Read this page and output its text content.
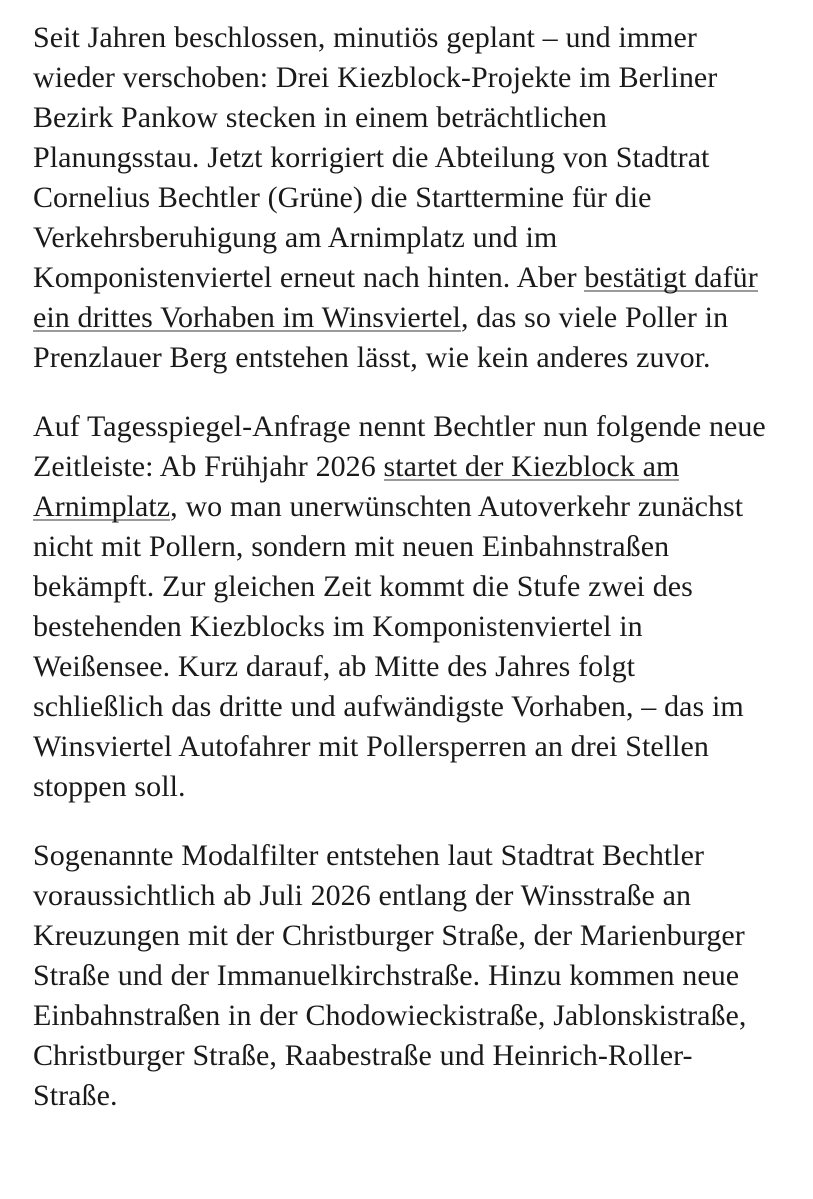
Seit Jahren beschlossen, minutiös geplant – und immer wieder verschoben: Drei Kiezblock-Projekte im Berliner Bezirk Pankow stecken in einem beträchtlichen Planungsstau. Jetzt korrigiert die Abteilung von Stadtrat Cornelius Bechtler (Grüne) die Starttermine für die Verkehrsberuhigung am Arnimplatz und im Komponistenviertel erneut nach hinten. Aber bestätigt dafür ein drittes Vorhaben im Winsviertel, das so viele Poller in Prenzlauer Berg entstehen lässt, wie kein anderes zuvor.

Auf Tagesspiegel-Anfrage nennt Bechtler nun folgende neue Zeitleiste: Ab Frühjahr 2026 startet der Kiezblock am Arnimplatz, wo man unerwünschten Autoverkehr zunächst nicht mit Pollern, sondern mit neuen Einbahnstraßen bekämpft. Zur gleichen Zeit kommt die Stufe zwei des bestehenden Kiezblocks im Komponistenviertel in Weißensee. Kurz darauf, ab Mitte des Jahres folgt schließlich das dritte und aufwändigste Vorhaben, – das im Winsviertel Autofahrer mit Pollersperren an drei Stellen stoppen soll.

Sogenannte Modalfilter entstehen laut Stadtrat Bechtler voraussichtlich ab Juli 2026 entlang der Winsstraße an Kreuzungen mit der Christburger Straße, der Marienburger Straße und der Immanuelkirchstraße. Hinzu kommen neue Einbahnstraßen in der Chodowieckistraße, Jablonskistraße, Christburger Straße, Raabestraße und Heinrich-Roller-Straße.
